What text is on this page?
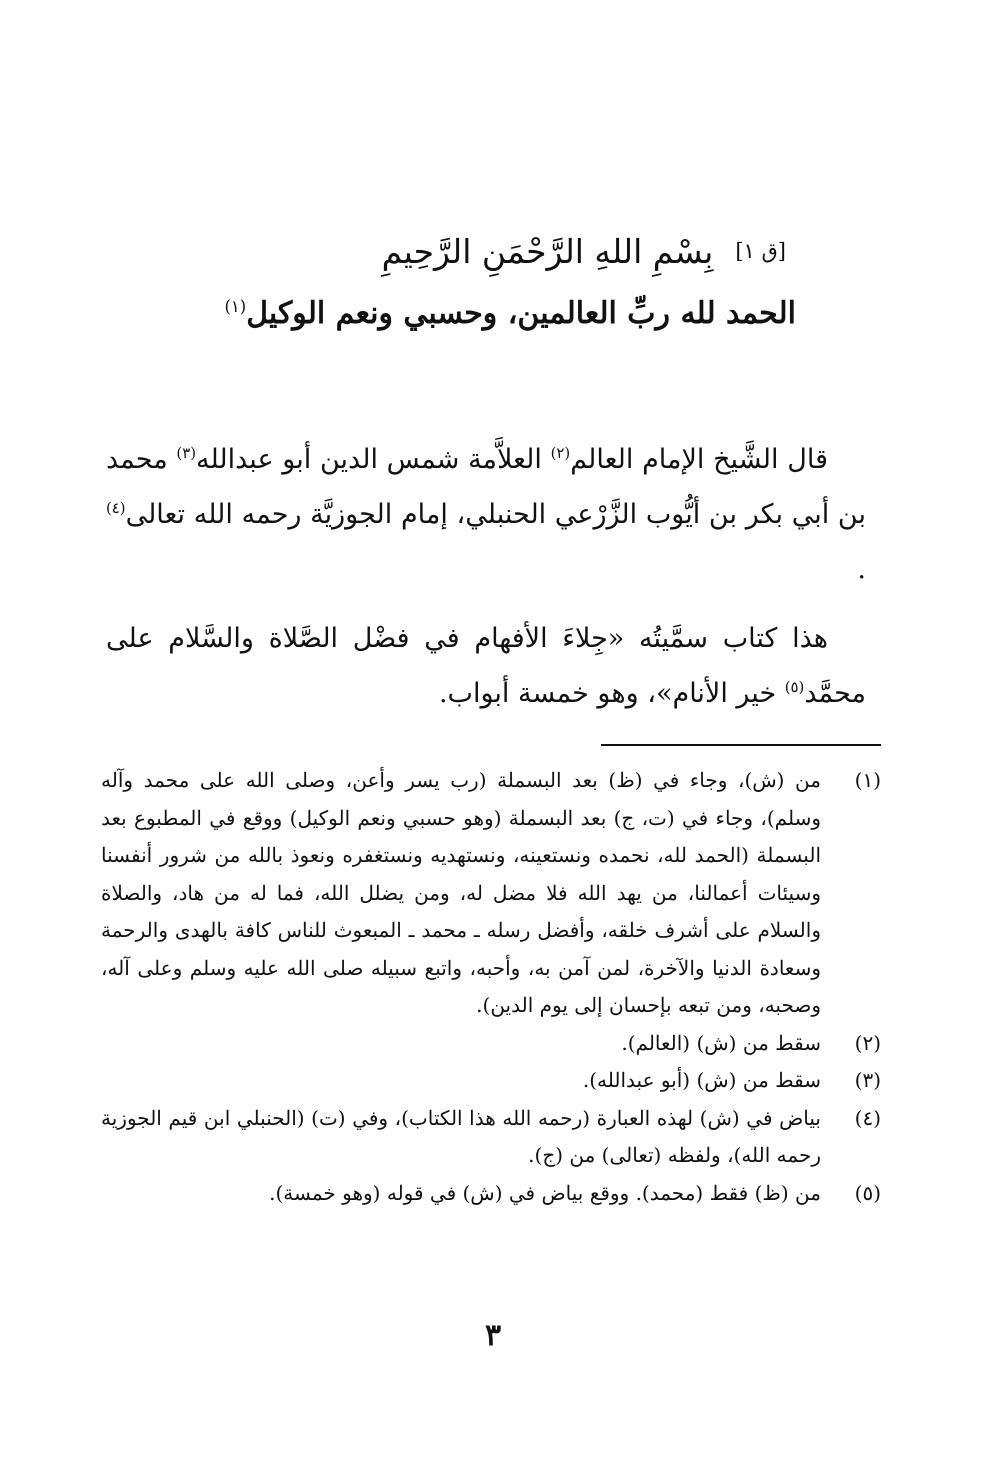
[ق ١]
بِسْمِ اللهِ الرَّحْمَنِ الرَّحِيمِ
الحمد لله ربِّ العالمين، وحسبي ونعم الوكيل$^{(١)}$

قال الشَّيخ الإمام العالم$^{(٢)}$ العلاَّمة شمس الدين أبو عبدالله$^{(٣)}$ محمد بن أبي بكر بن أيُّوب الزَّرْعي الحنبلي، إمام الجوزيَّة رحمه الله تعالى$^{(٤)}$ .

هذا كتاب سمَّيتُه «جِلاءَ الأفهام في فضْل الصَّلاة والسَّلام على محمَّد$^{(٥)}$ خير الأنام»، وهو خمسة أبواب.

(١)
من (ش)، وجاء في (ظ) بعد البسملة (رب يسر وأعن، وصلى الله على محمد وآله وسلم)، وجاء في (ت، ج) بعد البسملة (وهو حسبي ونعم الوكيل) ووقع في المطبوع بعد البسملة (الحمد لله، نحمده ونستعينه، ونستهديه ونستغفره ونعوذ بالله من شرور أنفسنا وسيئات أعمالنا، من يهد الله فلا مضل له، ومن يضلل الله، فما له من هاد، والصلاة والسلام على أشرف خلقه، وأفضل رسله ـ محمد ـ المبعوث للناس كافة بالهدى والرحمة وسعادة الدنيا والآخرة، لمن آمن به، وأحبه، واتبع سبيله صلى الله عليه وسلم وعلى آله، وصحبه، ومن تبعه بإحسان إلى يوم الدين).
(٢)
سقط من (ش) (العالم).
(٣)
سقط من (ش) (أبو عبدالله).
(٤)
بياض في (ش) لهذه العبارة (رحمه الله هذا الكتاب)، وفي (ت) (الحنبلي ابن قيم الجوزية رحمه الله)، ولفظه (تعالى) من (ج).
(٥)
من (ظ) فقط (محمد). ووقع بياض في (ش) في قوله (وهو خمسة).
٣
